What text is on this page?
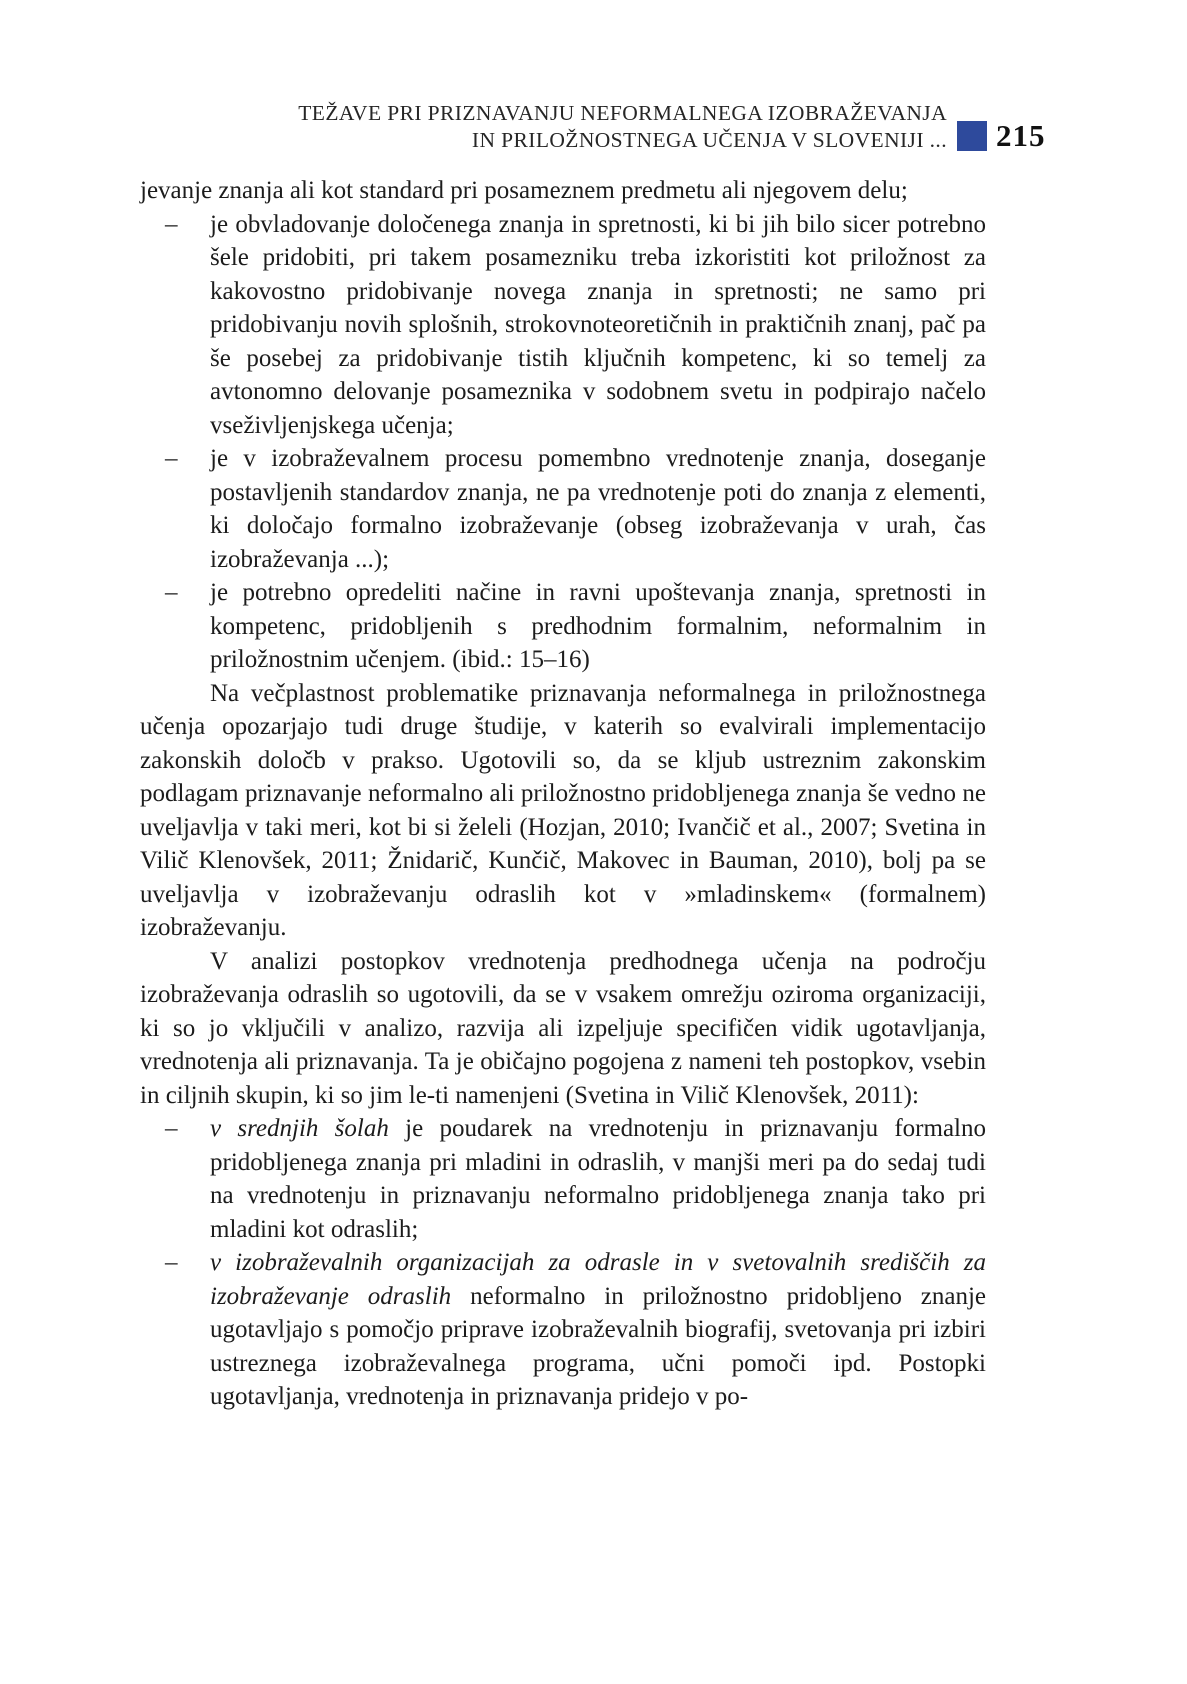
TEŽAVE PRI PRIZNAVANJU NEFORMALNEGA IZOBRAŽEVANJA
IN PRILOŽNOSTNEGA UČENJA V SLOVENIJI ... 215
jevanje znanja ali kot standard pri posameznem predmetu ali njegovem delu;
– je obvladovanje določenega znanja in spretnosti, ki bi jih bilo sicer potrebno šele pridobiti, pri takem posamezniku treba izkoristiti kot priložnost za kakovostno pridobivanje novega znanja in spretnosti; ne samo pri pridobivanju novih splošnih, strokovnoteoretičnih in praktičnih znanj, pač pa še posebej za pridobivanje tistih ključnih kompetenc, ki so temelj za avtonomno delovanje posameznika v sodobnem svetu in podpirajo načelo vseživljenjskega učenja;
– je v izobraževalnem procesu pomembno vrednotenje znanja, doseganje postavljenih standardov znanja, ne pa vrednotenje poti do znanja z elementi, ki določajo formalno izobraževanje (obseg izobraževanja v urah, čas izobraževanja ...);
– je potrebno opredeliti načine in ravni upoštevanja znanja, spretnosti in kompetenc, pridobljenih s predhodnim formalnim, neformalnim in priložnostnim učenjem. (ibid.: 15–16)

Na večplastnost problematike priznavanja neformalnega in priložnostnega učenja opozarjajo tudi druge študije, v katerih so evalvirali implementacijo zakonskih določb v prakso. Ugotovili so, da se kljub ustreznim zakonskim podlagam priznavanje neformalno ali priložnostno pridobljenega znanja še vedno ne uveljavlja v taki meri, kot bi si želeli (Hozjan, 2010; Ivančič et al., 2007; Svetina in Vilič Klenovšek, 2011; Žnidarič, Kunčič, Makovec in Bauman, 2010), bolj pa se uveljavlja v izobraževanju odraslih kot v »mladinskem« (formalnem) izobraževanju.

V analizi postopkov vrednotenja predhodnega učenja na področju izobraževanja odraslih so ugotovili, da se v vsakem omrežju oziroma organizaciji, ki so jo vključili v analizo, razvija ali izpeljuje specifičen vidik ugotavljanja, vrednotenja ali priznavanja. Ta je običajno pogojena z nameni teh postopkov, vsebin in ciljnih skupin, ki so jim le-ti namenjeni (Svetina in Vilič Klenovšek, 2011):

– v srednjih šolah je poudarek na vrednotenju in priznavanju formalno pridobljenega znanja pri mladini in odraslih, v manjši meri pa do sedaj tudi na vrednotenju in priznavanju neformalno pridobljenega znanja tako pri mladini kot odraslih;
– v izobraževalnih organizacijah za odrasle in v svetovalnih središčih za izobraževanje odraslih neformalno in priložnostno pridobljeno znanje ugotavljajo s pomočjo priprave izobraževalnih biografij, svetovanja pri izbiri ustreznega izobraževalnega programa, učni pomoči ipd. Postopki ugotavljanja, vrednotenja in priznavanja pridejo v po-
